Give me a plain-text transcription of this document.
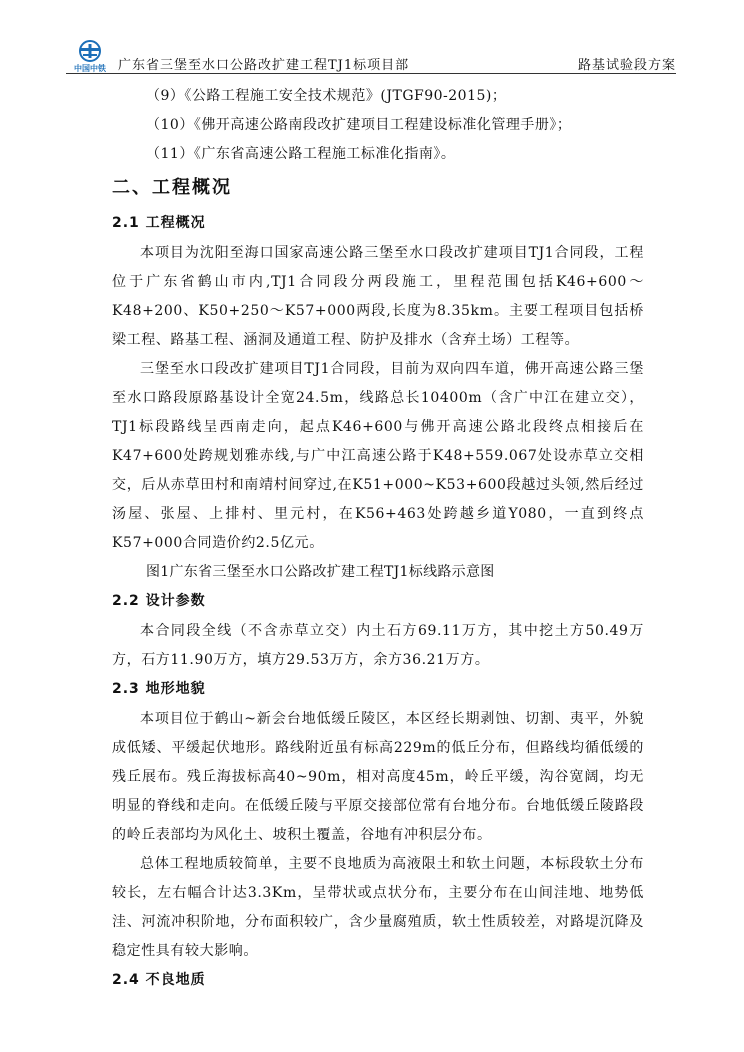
中国中铁 广东省三堡至水口公路改扩建工程TJ1标项目部	路基试验段方案
（9）《公路工程施工安全技术规范》(JTGF90-2015)；
（10）《佛开高速公路南段改扩建项目工程建设标准化管理手册》；
（11）《广东省高速公路工程施工标准化指南》。
二、工程概况
2.1 工程概况

本项目为沈阳至海口国家高速公路三堡至水口段改扩建项目TJ1合同段，工程位于广东省鹤山市内,TJ1合同段分两段施工，里程范围包括K46+600～K48+200、K50+250～K57+000两段,长度为8.35km。主要工程项目包括桥梁工程、路基工程、涵洞及通道工程、防护及排水（含弃土场）工程等。

三堡至水口段改扩建项目TJ1合同段，目前为双向四车道，佛开高速公路三堡至水口路段原路基设计全宽24.5m，线路总长10400m（含广中江在建立交），TJ1标段路线呈西南走向，起点K46+600与佛开高速公路北段终点相接后在K47+600处跨规划雅赤线,与广中江高速公路于K48+559.067处设赤草立交相交，后从赤草田村和南靖村间穿过,在K51+000~K53+600段越过头领,然后经过汤屋、张屋、上排村、里元村，在K56+463处跨越乡道Y080，一直到终点K57+000合同造价约2.5亿元。

图1广东省三堡至水口公路改扩建工程TJ1标线路示意图
2.2 设计参数

本合同段全线（不含赤草立交）内土石方69.11万方，其中挖土方50.49万方，石方11.90万方，填方29.53万方，余方36.21万方。

2.3 地形地貌

本项目位于鹤山~新会台地低缓丘陵区，本区经长期剥蚀、切割、夷平，外貌成低矮、平缓起伏地形。路线附近虽有标高229m的低丘分布，但路线均循低缓的残丘展布。残丘海拔标高40~90m，相对高度45m，岭丘平缓，沟谷宽阔，均无明显的脊线和走向。在低缓丘陵与平原交接部位常有台地分布。台地低缓丘陵路段的岭丘表部均为风化土、坡积土覆盖，谷地有冲积层分布。

总体工程地质较简单，主要不良地质为高液限土和软土问题，本标段软土分布较长，左右幅合计达3.3Km，呈带状或点状分布，主要分布在山间洼地、地势低洼、河流冲积阶地，分布面积较广，含少量腐殖质，软土性质较差，对路堤沉降及稳定性具有较大影响。

2.4 不良地质
